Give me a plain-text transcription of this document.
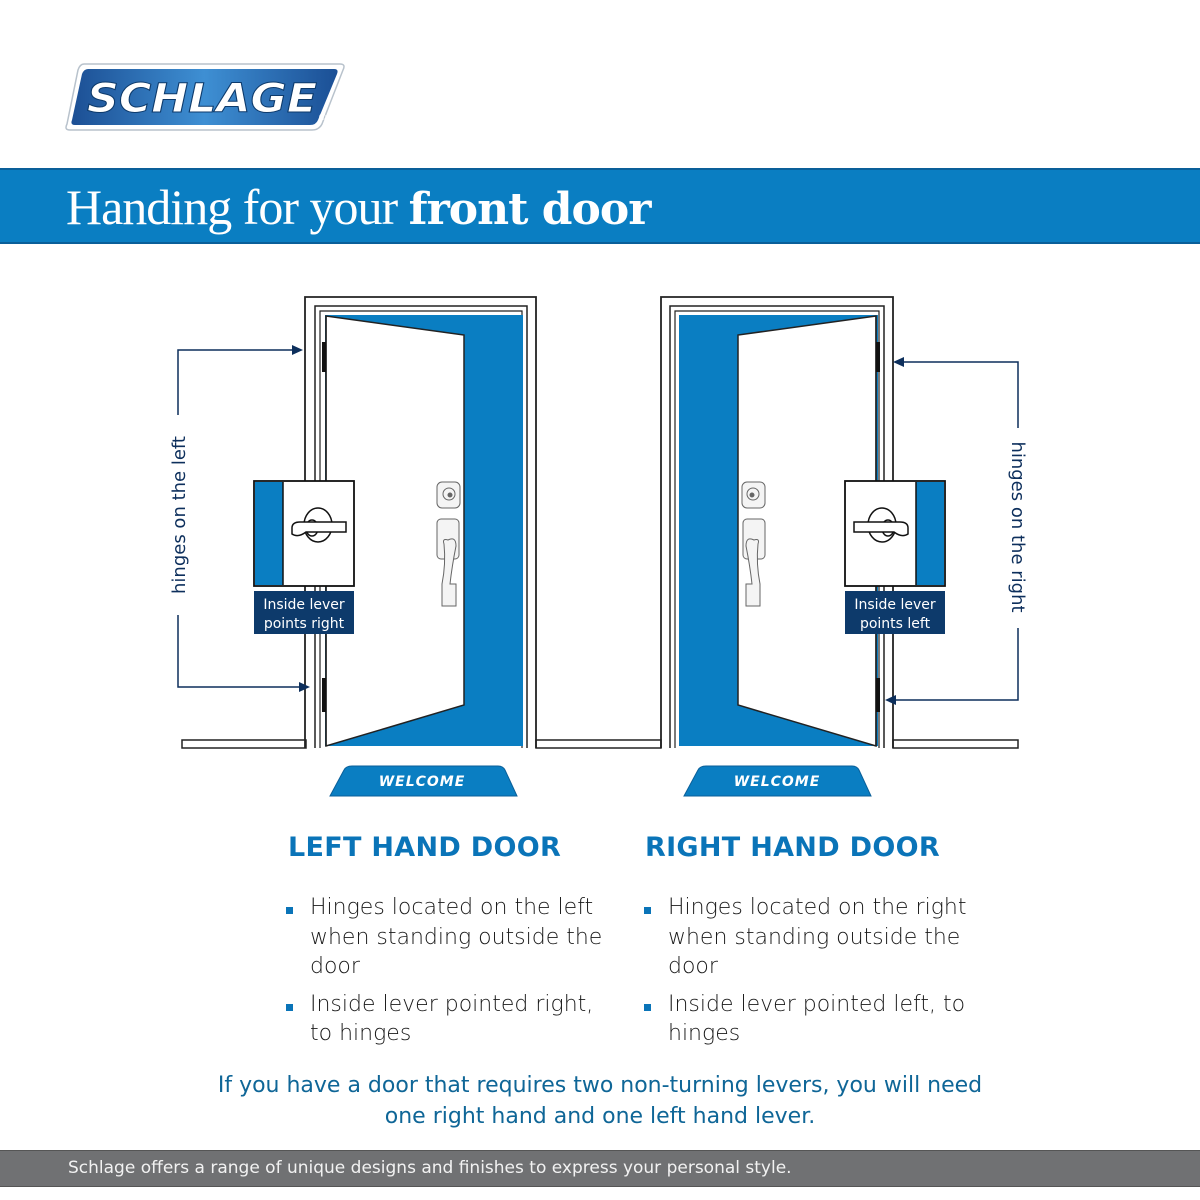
SCHLAGE ®
Handing for your front door
hinges on the left
Inside lever
points right
WELCOME
hinges on the right
Inside lever
points left
WELCOME
LEFT HAND DOOR
Hinges located on the left when standing outside the door
Inside lever pointed right, to hinges
RIGHT HAND DOOR
Hinges located on the right when standing outside the door
Inside lever pointed left, to hinges
If you have a door that requires two non-turning levers, you will need one right hand and one left hand lever.
Schlage offers a range of unique designs and finishes to express your personal style.
